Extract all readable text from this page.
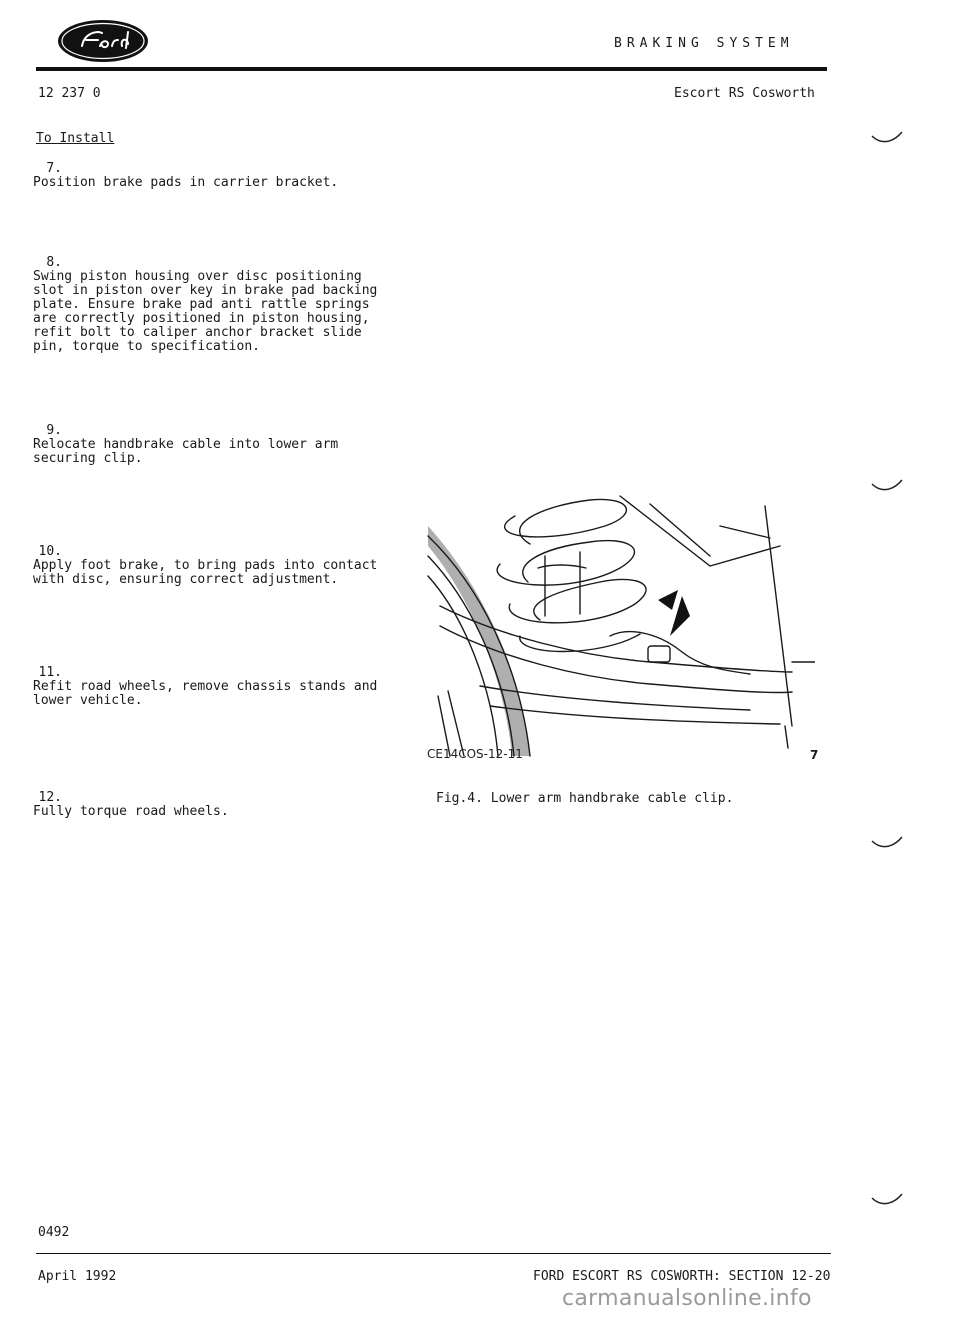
BRAKING SYSTEM
12 237 0	Escort RS Cosworth
To Install
7. Position brake pads in carrier bracket.
8. Swing piston housing over disc positioning
slot in piston over key in brake pad backing
plate. Ensure brake pad anti rattle springs
are correctly positioned in piston housing,
refit bolt to caliper anchor bracket slide
pin, torque to specification.
9. Relocate handbrake cable into lower arm
securing clip.
10. Apply foot brake, to bring pads into contact
with disc, ensuring correct adjustment.
11. Refit road wheels, remove chassis stands and
lower vehicle.
12. Fully torque road wheels.
CE14COS-12-11	7
Fig.4. Lower arm handbrake cable clip.
0492
April 1992	FORD ESCORT RS COSWORTH: SECTION 12-20
carmanualsonline.info
